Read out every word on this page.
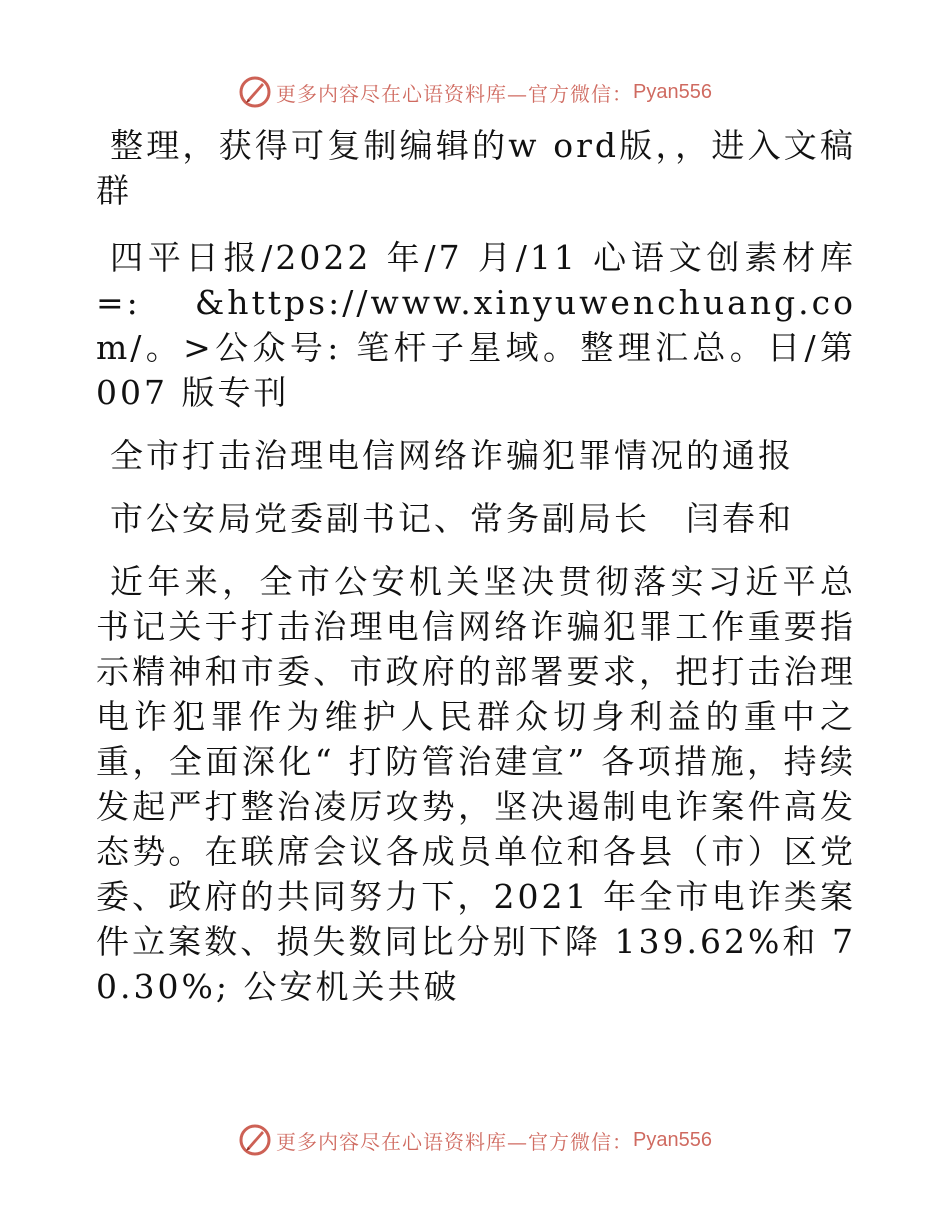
更多内容尽在心语资料库—官方微信： Pyan556

整理，获得可复制编辑的w ord版，，进入文稿群

四平日报/2022 年/7 月/11 心语文创素材库=: &https://www.xinyuwenchuang.com/。>公众号: 笔杆子星域。整理汇总。日/第 007 版专刊

全市打击治理电信网络诈骗犯罪情况的通报

市公安局党委副书记、常务副局长　闫春和

近年来，全市公安机关坚决贯彻落实习近平总书记关于打击治理电信网络诈骗犯罪工作重要指示精神和市委、市政府的部署要求，把打击治理电诈犯罪作为维护人民群众切身利益的重中之重，全面深化“ 打防管治建宣” 各项措施，持续发起严打整治凌厉攻势，坚决遏制电诈案件高发态势。在联席会议各成员单位和各县（市）区党委、政府的共同努力下，2021 年全市电诈类案件立案数、损失数同比分别下降 139.62%和 70.30%; 公安机关共破

更多内容尽在心语资料库—官方微信： Pyan556
